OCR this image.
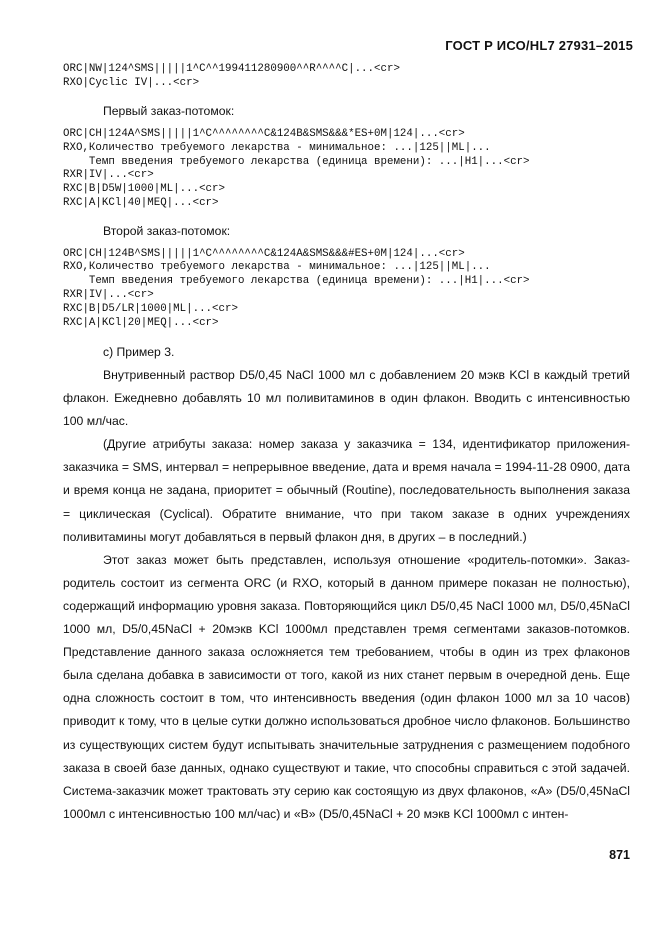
ГОСТ Р ИСО/HL7 27931–2015
ORC|NW|124^SMS|||||1^C^^199411280900^^R^^^^C|...<cr>
RXO|Cyclic IV|...<cr>
Первый заказ-потомок:
ORC|CH|124A^SMS|||||1^C^^^^^^^^C&124B&SMS&&&*ES+0M|124|...<cr>
RXO,Количество требуемого лекарства - минимальное: ...|125||ML|...
Темп введения требуемого лекарства (единица времени): ...|H1|...<cr>
RXR|IV|...<cr>
RXC|B|D5W|1000|ML|...<cr>
RXC|A|KCl|40|MEQ|...<cr>
Второй заказ-потомок:
ORC|CH|124B^SMS|||||1^C^^^^^^^^C&124A&SMS&&&#ES+0M|124|...<cr>
RXO,Количество требуемого лекарства - минимальное: ...|125||ML|...
Темп введения требуемого лекарства (единица времени): ...|H1|...<cr>
RXR|IV|...<cr>
RXC|B|D5/LR|1000|ML|...<cr>
RXC|A|KCl|20|MEQ|...<cr>
c) Пример 3.

Внутривенный раствор D5/0,45 NaCl 1000 мл с добавлением 20 мэкв KCl в каждый третий флакон. Ежедневно добавлять 10 мл поливитаминов в один флакон. Вводить с интенсивностью 100 мл/час.

(Другие атрибуты заказа: номер заказа у заказчика = 134, идентификатор приложения-заказчика = SMS, интервал = непрерывное введение, дата и время начала = 1994-11-28 0900, дата и время конца не задана, приоритет = обычный (Routine), последовательность выполнения заказа = циклическая (Cyclical). Обратите внимание, что при таком заказе в одних учреждениях поливитамины могут добавляться в первый флакон дня, в других – в последний.)

Этот заказ может быть представлен, используя отношение «родитель-потомки». Заказ-родитель состоит из сегмента ORC (и RXO, который в данном примере показан не полностью), содержащий информацию уровня заказа. Повторяющийся цикл D5/0,45 NaCl 1000 мл, D5/0,45NaCl 1000 мл, D5/0,45NaCl + 20мэкв KCl 1000мл представлен тремя сегментами заказов-потомков. Представление данного заказа осложняется тем требованием, чтобы в один из трех флаконов была сделана добавка в зависимости от того, какой из них станет первым в очередной день. Еще одна сложность состоит в том, что интенсивность введения (один флакон 1000 мл за 10 часов) приводит к тому, что в целые сутки должно использоваться дробное число флаконов. Большинство из существующих систем будут испытывать значительные затруднения с размещением подобного заказа в своей базе данных, однако существуют и такие, что способны справиться с этой задачей. Система-заказчик может трактовать эту серию как состоящую из двух флаконов, «A» (D5/0,45NaCl 1000мл с интенсивностью 100 мл/час) и «B» (D5/0,45NaCl + 20 мэкв KCl 1000мл с интен-

871
